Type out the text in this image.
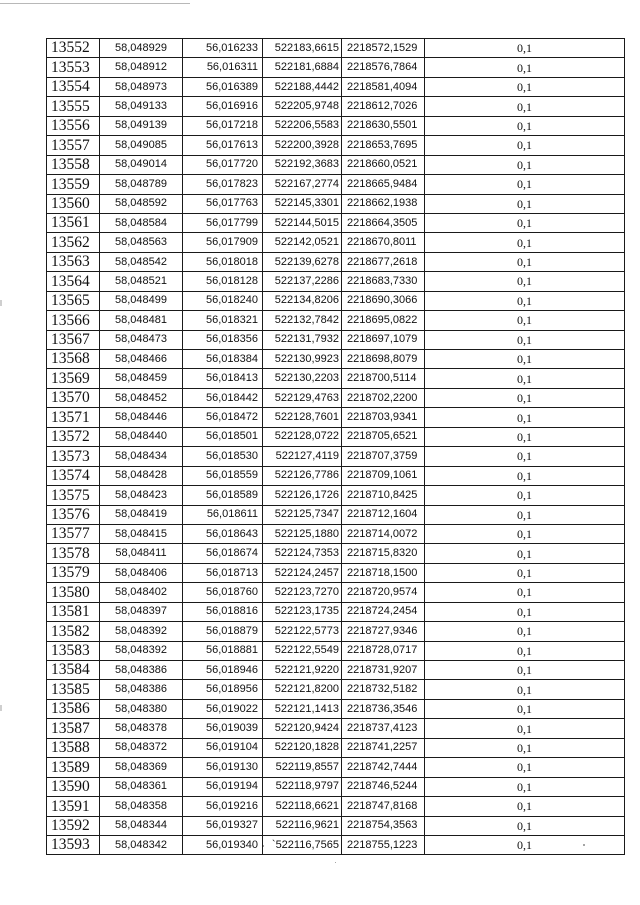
13552	58,048929	56,016233	522183,6615	2218572,1529	0,1
13553	58,048912	56,016311	522181,6884	2218576,7864	0,1
13554	58,048973	56,016389	522188,4442	2218581,4094	0,1
13555	58,049133	56,016916	522205,9748	2218612,7026	0,1
13556	58,049139	56,017218	522206,5583	2218630,5501	0,1
13557	58,049085	56,017613	522200,3928	2218653,7695	0,1
13558	58,049014	56,017720	522192,3683	2218660,0521	0,1
13559	58,048789	56,017823	522167,2774	2218665,9484	0,1
13560	58,048592	56,017763	522145,3301	2218662,1938	0,1
13561	58,048584	56,017799	522144,5015	2218664,3505	0,1
13562	58,048563	56,017909	522142,0521	2218670,8011	0,1
13563	58,048542	56,018018	522139,6278	2218677,2618	0,1
13564	58,048521	56,018128	522137,2286	2218683,7330	0,1
13565	58,048499	56,018240	522134,8206	2218690,3066	0,1
13566	58,048481	56,018321	522132,7842	2218695,0822	0,1
13567	58,048473	56,018356	522131,7932	2218697,1079	0,1
13568	58,048466	56,018384	522130,9923	2218698,8079	0,1
13569	58,048459	56,018413	522130,2203	2218700,5114	0,1
13570	58,048452	56,018442	522129,4763	2218702,2200	0,1
13571	58,048446	56,018472	522128,7601	2218703,9341	0,1
13572	58,048440	56,018501	522128,0722	2218705,6521	0,1
13573	58,048434	56,018530	522127,4119	2218707,3759	0,1
13574	58,048428	56,018559	522126,7786	2218709,1061	0,1
13575	58,048423	56,018589	522126,1726	2218710,8425	0,1
13576	58,048419	56,018611	522125,7347	2218712,1604	0,1
13577	58,048415	56,018643	522125,1880	2218714,0072	0,1
13578	58,048411	56,018674	522124,7353	2218715,8320	0,1
13579	58,048406	56,018713	522124,2457	2218718,1500	0,1
13580	58,048402	56,018760	522123,7270	2218720,9574	0,1
13581	58,048397	56,018816	522123,1735	2218724,2454	0,1
13582	58,048392	56,018879	522122,5773	2218727,9346	0,1
13583	58,048392	56,018881	522122,5549	2218728,0717	0,1
13584	58,048386	56,018946	522121,9220	2218731,9207	0,1
13585	58,048386	56,018956	522121,8200	2218732,5182	0,1
13586	58,048380	56,019022	522121,1413	2218736,3546	0,1
13587	58,048378	56,019039	522120,9424	2218737,4123	0,1
13588	58,048372	56,019104	522120,1828	2218741,2257	0,1
13589	58,048369	56,019130	522119,8557	2218742,7444	0,1
13590	58,048361	56,019194	522118,9797	2218746,5244	0,1
13591	58,048358	56,019216	522118,6621	2218747,8168	0,1
13592	58,048344	56,019327	522116,9621	2218754,3563	0,1
13593	58,048342	56,019340	`522116,7565	2218755,1223	0,1
